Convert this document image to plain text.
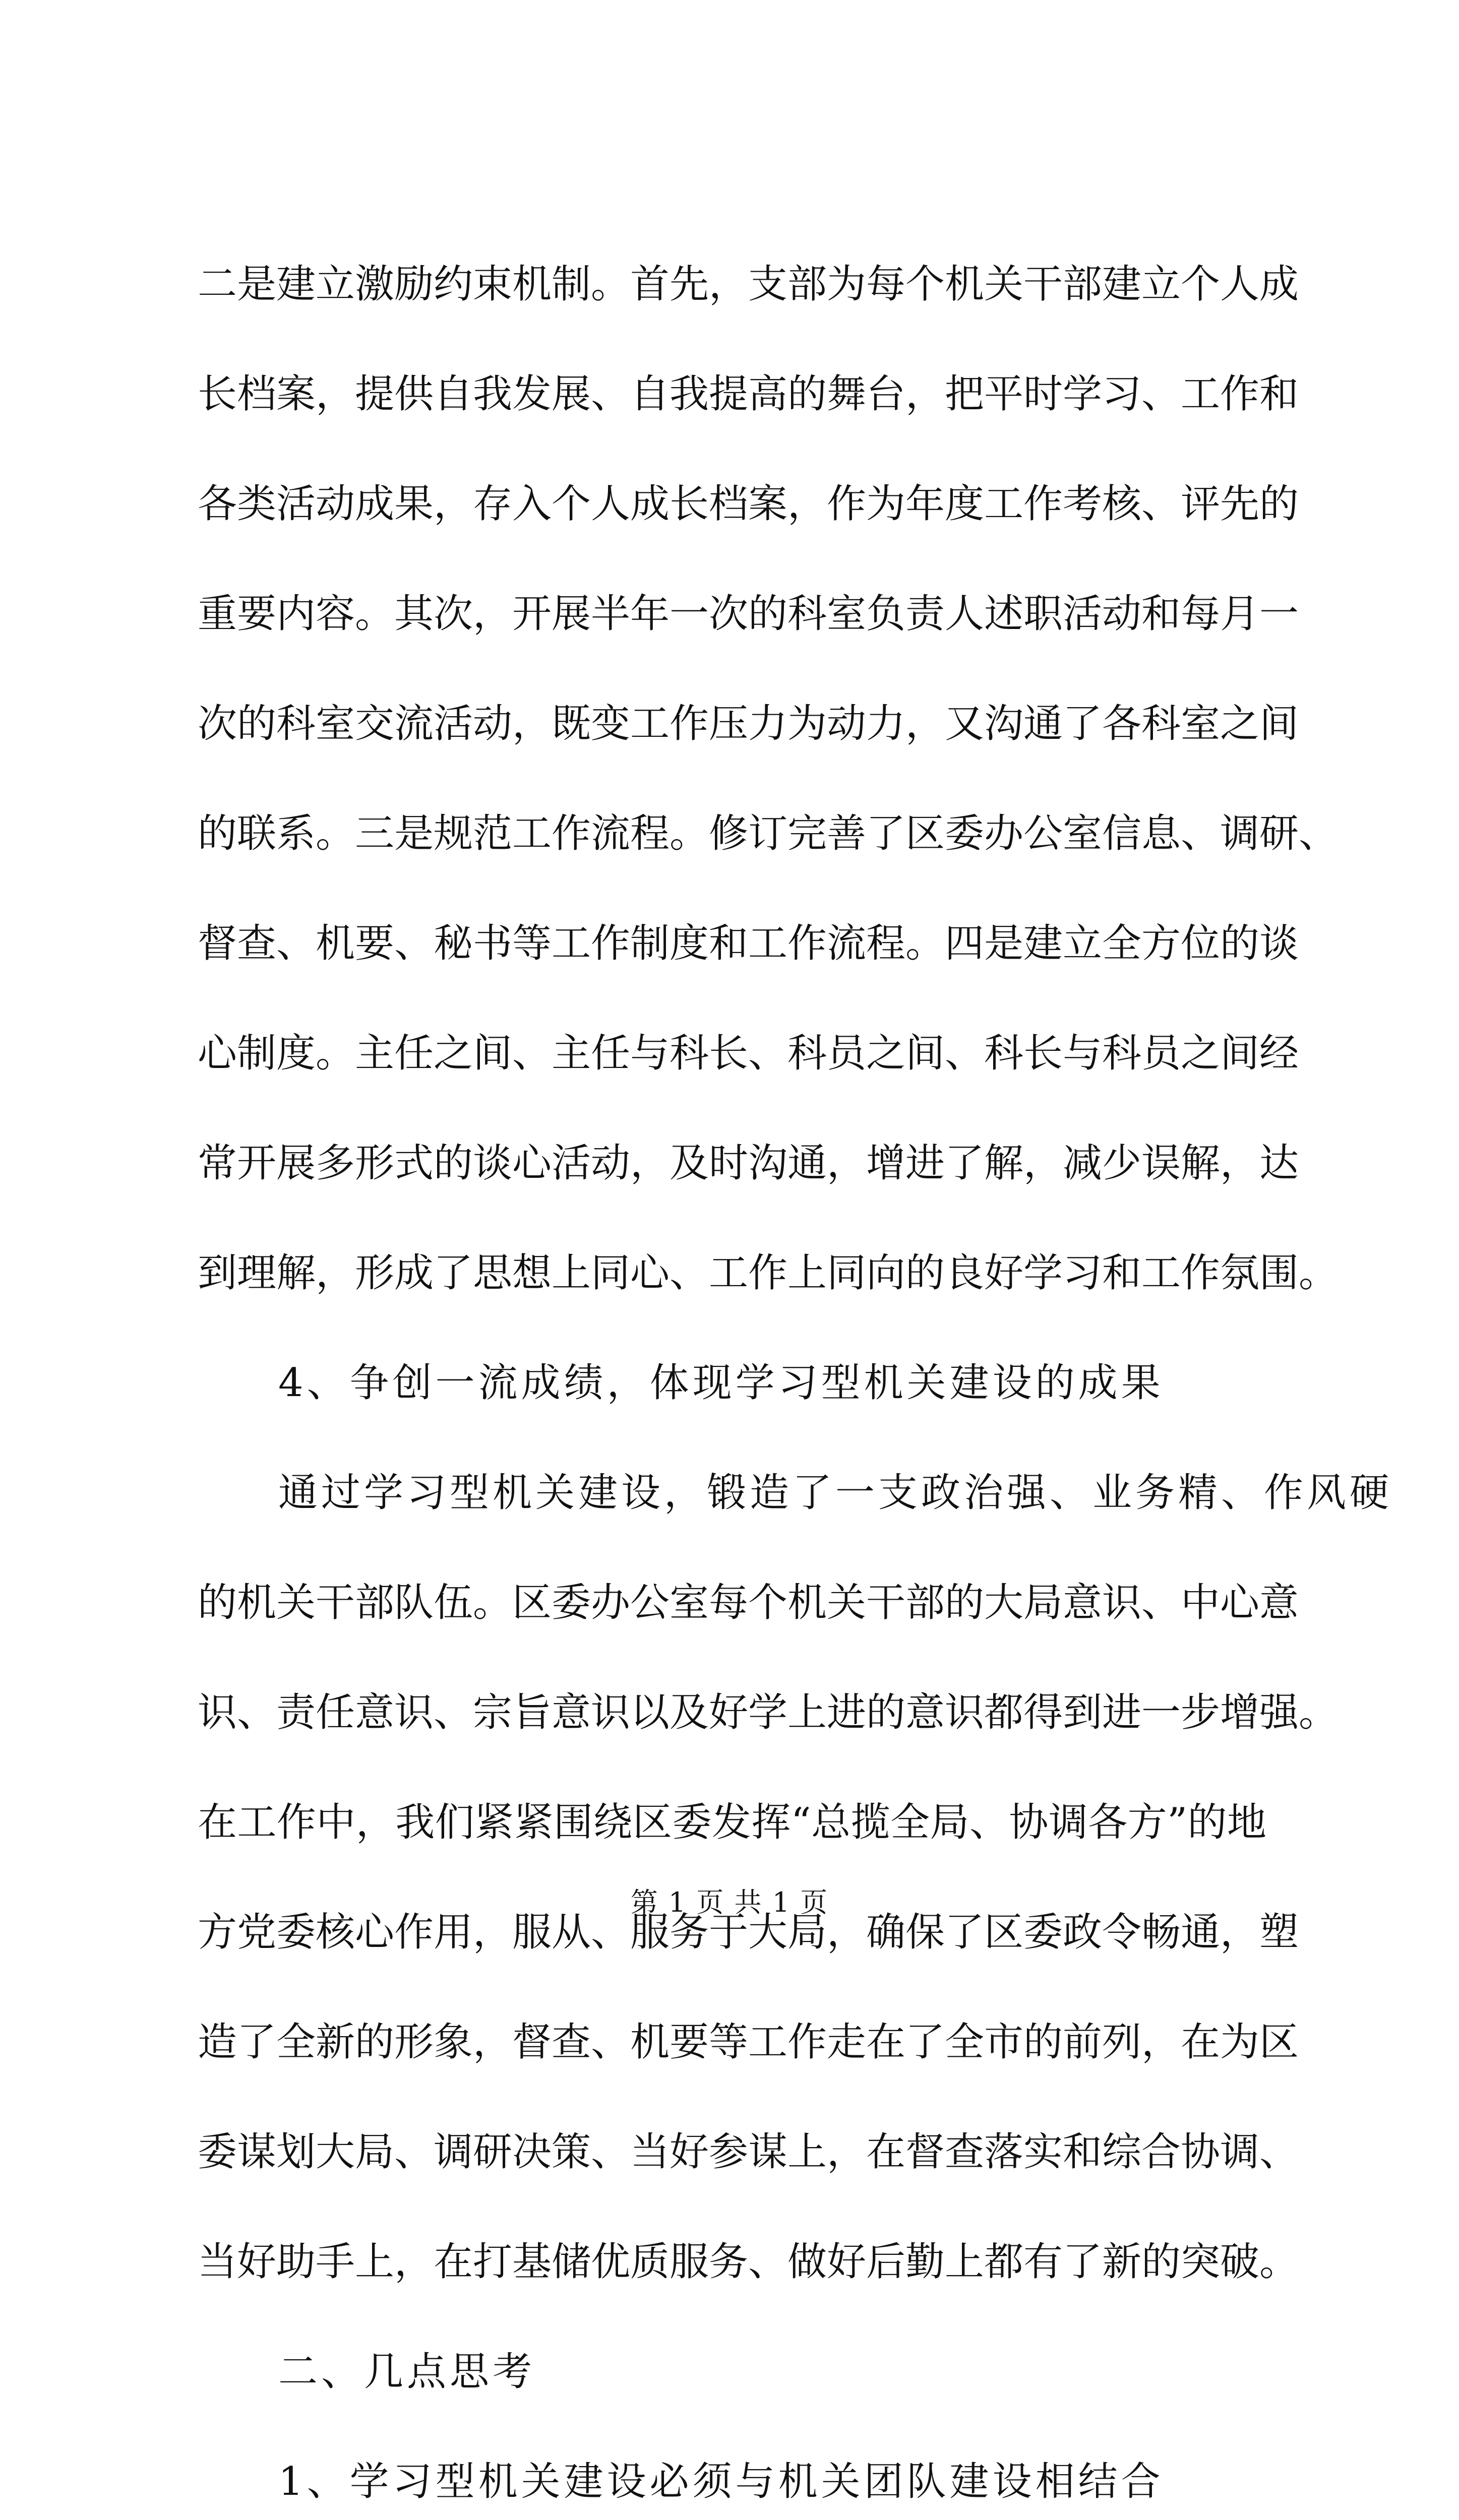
二是建立激励约束机制。首先，支部为每个机关干部建立个人成
长档案，提供自我发展、自我提高的舞台，把平时学习、工作和
各类活动成果，存入个人成长档案，作为年度工作考核、评先的
重要内容。其次，开展半年一次的科室负责人述职活动和每月一
次的科室交流活动，既变工作压力为动力，又沟通了各科室之间
的联系。三是规范工作流程。修订完善了区委办公室信息、调研、
督查、机要、秘书等工作制度和工作流程。四是建立全方位的谈
心制度。主任之间、主任与科长、科员之间、科长与科员之间经
常开展多形式的谈心活动，及时沟通，增进了解，减少误解，达
到理解，形成了思想上同心、工作上同向的良好学习和工作氛围。
4、争创一流成绩，体现学习型机关建设的成果
通过学习型机关建设，锻造了一支政治强、业务精、作风硬
的机关干部队伍。区委办公室每个机关干部的大局意识、中心意
识、责任意识、宗旨意识以及好学上进的意识都得到进一步增强。
在工作中，我们紧紧围绕区委发挥“总揽全局、协调各方”的地
方党委核心作用，服从、服务于大局，确保了区委政令畅通，塑
造了全新的形象，督查、机要等工作走在了全市的前列，在为区
委谋划大局、调研决策、当好参谋上，在督查落实和综合协调、
当好助手上，在打基储优质服务、做好后勤上都有了新的突破。
二、几点思考
1、学习型机关建设必须与机关团队建设相结合
第 1 页 共 1 页
